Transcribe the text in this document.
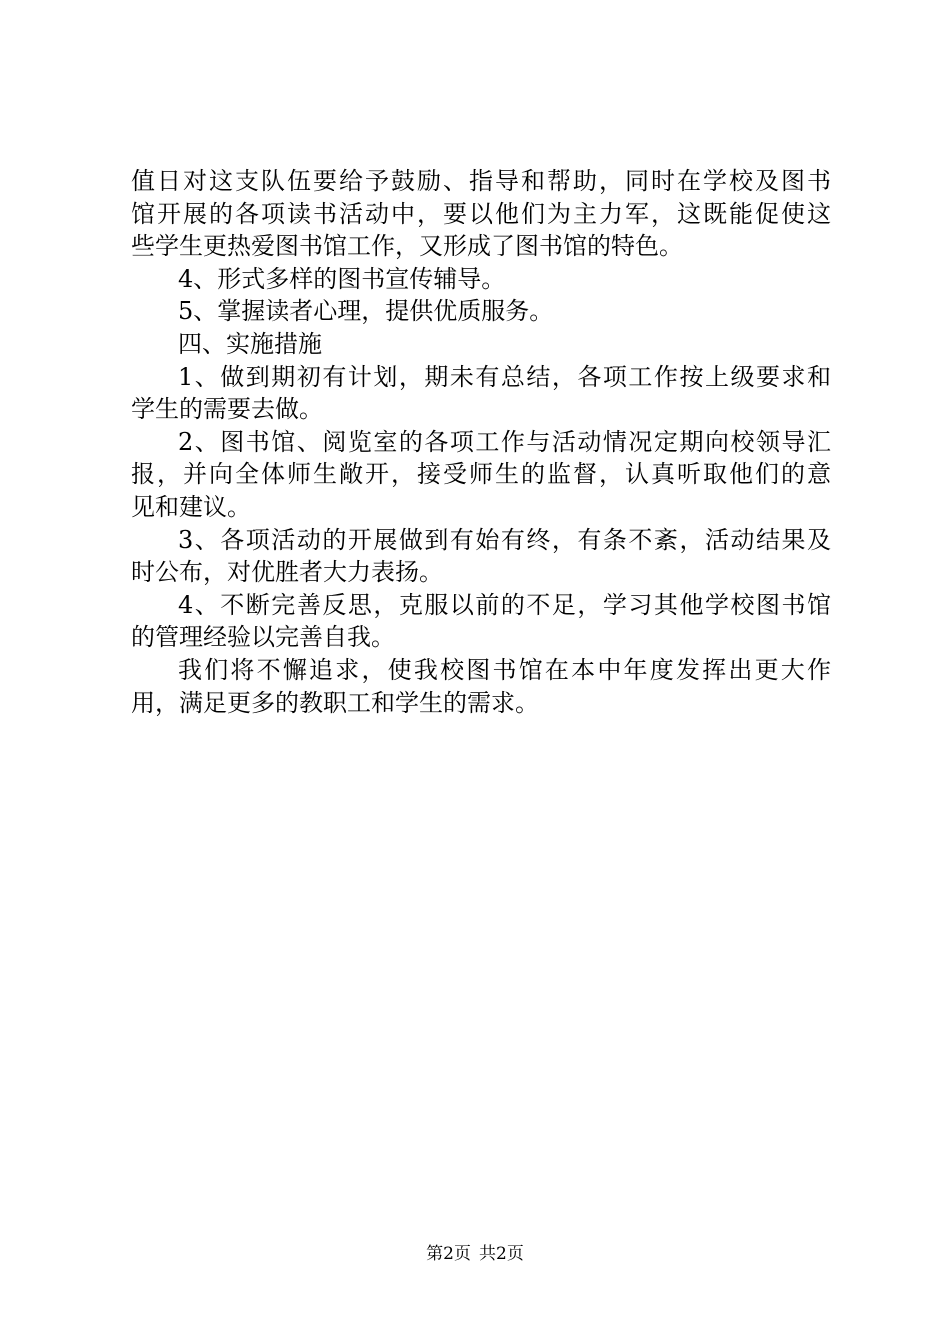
值日对这支队伍要给予鼓励、指导和帮助，同时在学校及图书
馆开展的各项读书活动中，要以他们为主力军，这既能促使这
些学生更热爱图书馆工作，又形成了图书馆的特色。
4、形式多样的图书宣传辅导。
5、掌握读者心理，提供优质服务。
四、实施措施
1、做到期初有计划，期未有总结，各项工作按上级要求和
学生的需要去做。
2、图书馆、阅览室的各项工作与活动情况定期向校领导汇
报，并向全体师生敞开，接受师生的监督，认真听取他们的意
见和建议。
3、各项活动的开展做到有始有终，有条不紊，活动结果及
时公布，对优胜者大力表扬。
4、不断完善反思，克服以前的不足，学习其他学校图书馆
的管理经验以完善自我。
我们将不懈追求，使我校图书馆在本中年度发挥出更大作
用，满足更多的教职工和学生的需求。
第2页 共2页
